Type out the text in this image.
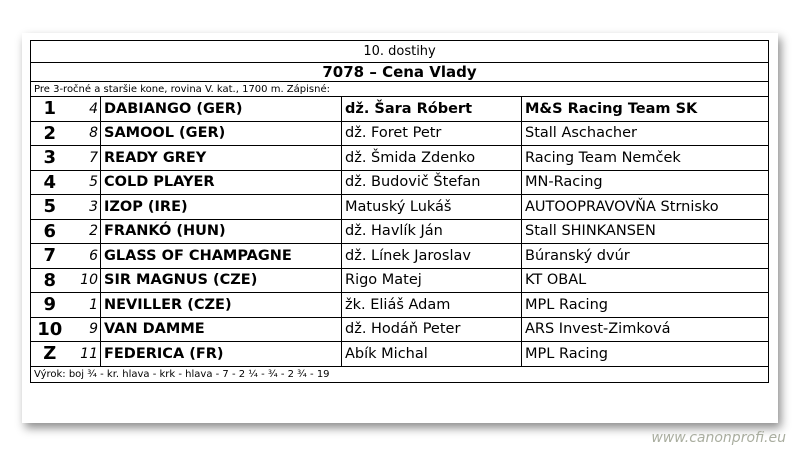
10. dostihy				
7078 – Cena Vlady				
Pre 3-ročné a staršie kone, rovina V. kat., 1700 m. Zápisné:				
1	4	DABIANGO (GER)	dž. Šara Róbert	M&S Racing Team SK
2	8	SAMOOL (GER)	dž. Foret Petr	Stall Aschacher
3	7	READY GREY	dž. Šmida Zdenko	Racing Team Nemček
4	5	COLD PLAYER	dž. Budovič Štefan	MN-Racing
5	3	IZOP (IRE)	Matuský Lukáš	AUTOOPRAVOVŇA Strnisko
6	2	FRANKÓ (HUN)	dž. Havlík Ján	Stall SHINKANSEN
7	6	GLASS OF CHAMPAGNE	dž. Línek Jaroslav	Búranský dvúr
8	10	SIR MAGNUS (CZE)	Rigo Matej	KT OBAL
9	1	NEVILLER (CZE)	žk. Eliáš Adam	MPL Racing
10	9	VAN DAMME	dž. Hodáň Peter	ARS Invest-Zimková
Z	11	FEDERICA (FR)	Abík Michal	MPL Racing
Výrok: boj ¾ - kr. hlava - krk - hlava - 7 - 2 ¼ - ¾ - 2 ¾ - 19				
www.canonprofi.eu
